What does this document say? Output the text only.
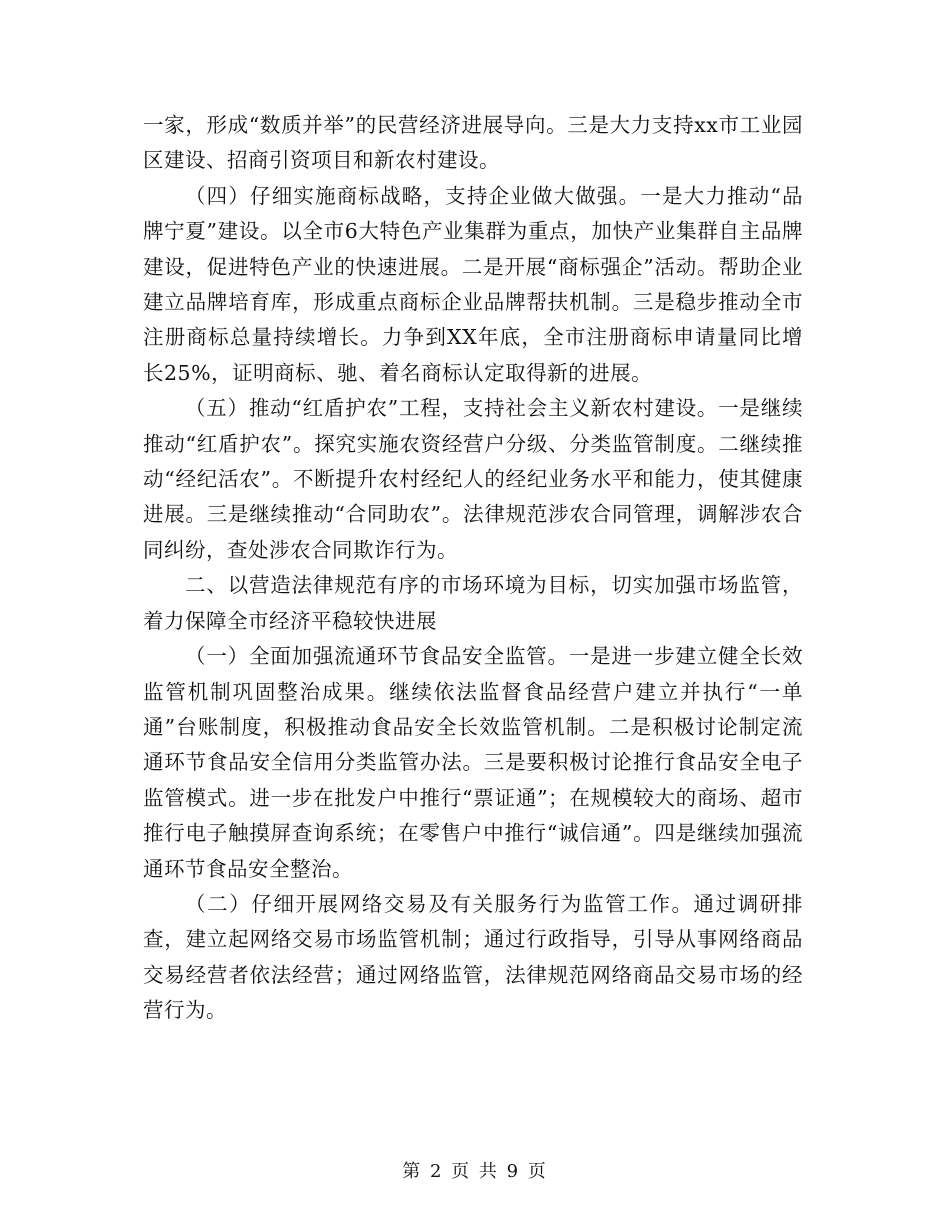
一家，形成“数质并举”的民营经济进展导向。三是大力支持xx市工业园区建设、招商引资项目和新农村建设。

（四）仔细实施商标战略，支持企业做大做强。一是大力推动“品牌宁夏”建设。以全市6大特色产业集群为重点，加快产业集群自主品牌建设，促进特色产业的快速进展。二是开展“商标强企”活动。帮助企业建立品牌培育库，形成重点商标企业品牌帮扶机制。三是稳步推动全市注册商标总量持续增长。力争到XX年底，全市注册商标申请量同比增长25%，证明商标、驰、着名商标认定取得新的进展。

（五）推动“红盾护农”工程，支持社会主义新农村建设。一是继续推动“红盾护农”。探究实施农资经营户分级、分类监管制度。二继续推动“经纪活农”。不断提升农村经纪人的经纪业务水平和能力，使其健康进展。三是继续推动“合同助农”。法律规范涉农合同管理，调解涉农合同纠纷，查处涉农合同欺诈行为。

二、以营造法律规范有序的市场环境为目标，切实加强市场监管，着力保障全市经济平稳较快进展

（一）全面加强流通环节食品安全监管。一是进一步建立健全长效监管机制巩固整治成果。继续依法监督食品经营户建立并执行“一单通”台账制度，积极推动食品安全长效监管机制。二是积极讨论制定流通环节食品安全信用分类监管办法。三是要积极讨论推行食品安全电子监管模式。进一步在批发户中推行“票证通”；在规模较大的商场、超市推行电子触摸屏查询系统；在零售户中推行“诚信通”。四是继续加强流通环节食品安全整治。

（二）仔细开展网络交易及有关服务行为监管工作。通过调研排查，建立起网络交易市场监管机制；通过行政指导，引导从事网络商品交易经营者依法经营；通过网络监管，法律规范网络商品交易市场的经营行为。

第 2 页 共 9 页
